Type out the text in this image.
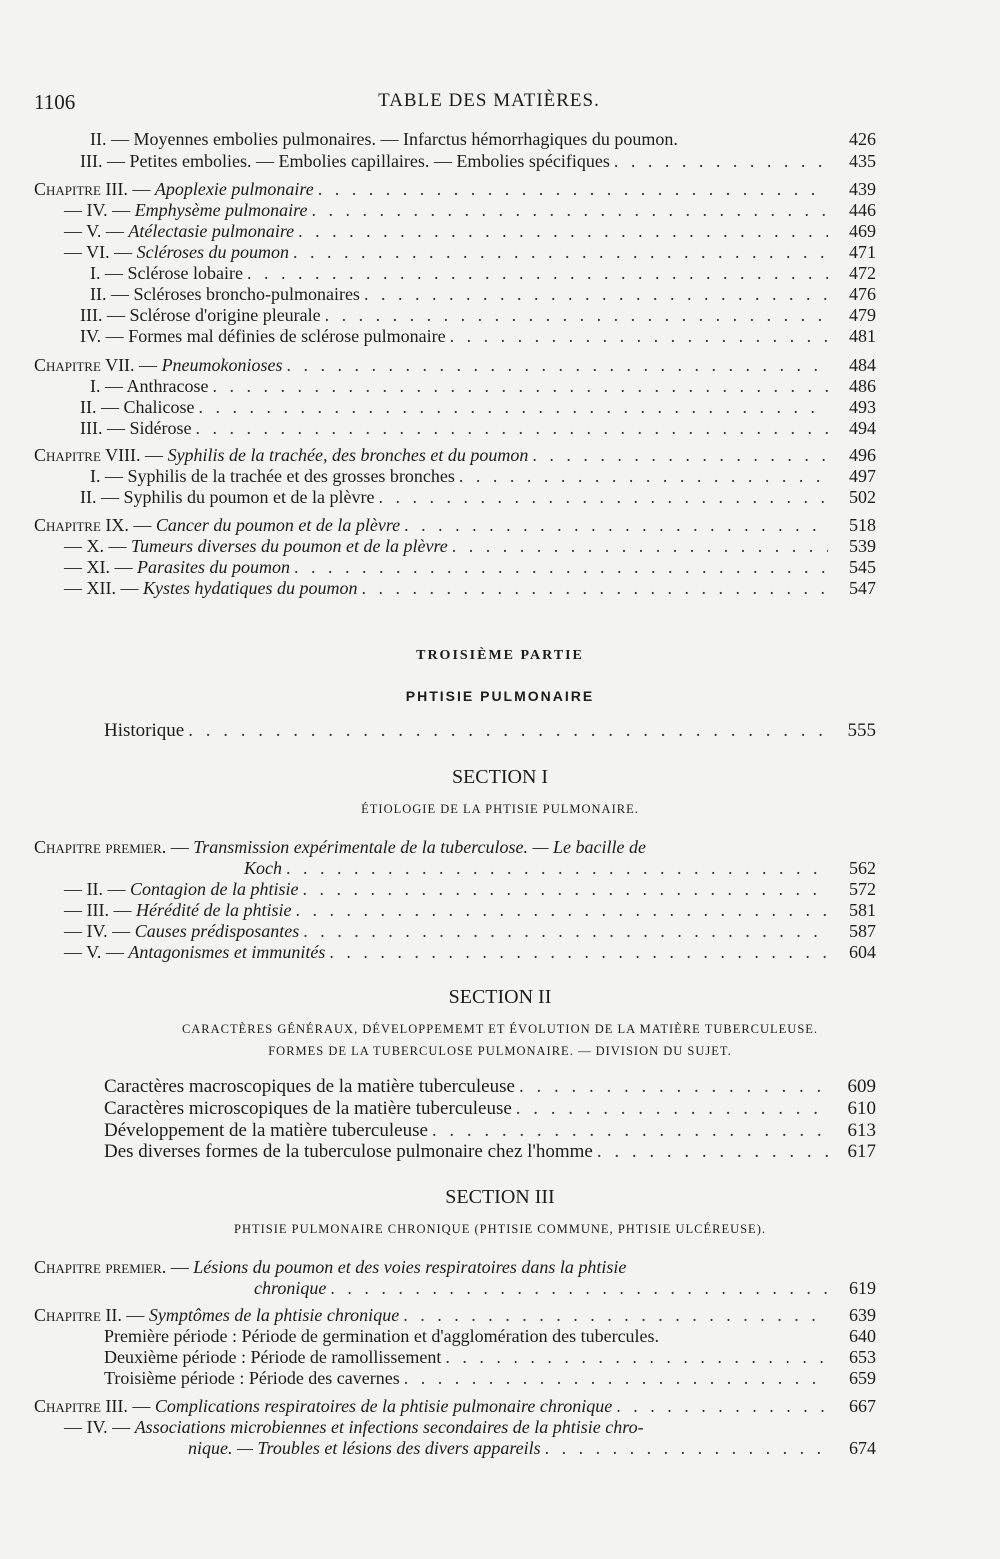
1106	TABLE DES MATIÈRES.
II. — Moyennes embolies pulmonaires. — Infarctus hémorrhagiques du poumon.	426
III. — Petites embolies. — Embolies capillaires. — Embolies spécifiques . . .	435
Chapitre III. — Apoplexie pulmonaire . . .	439
— IV. — Emphysème pulmonaire . . .	446
— V. — Atélectasie pulmonaire . . .	469
— VI. — Scléroses du poumon . . .	471
I. — Sclérose lobaire . . .	472
II. — Scléroses broncho-pulmonaires . . .	476
III. — Sclérose d'origine pleurale . . .	479
IV. — Formes mal définies de sclérose pulmonaire . . .	481
Chapitre VII. — Pneumokonioses . . .	484
I. — Anthracose . . .	486
II. — Chalicose . . .	493
III. — Sidérose . . .	494
Chapitre VIII. — Syphilis de la trachée, des bronches et du poumon . . .	496
I. — Syphilis de la trachée et des grosses bronches . . .	497
II. — Syphilis du poumon et de la plèvre . . .	502
Chapitre IX. — Cancer du poumon et de la plèvre . . .	518
— X. — Tumeurs diverses du poumon et de la plèvre . . .	539
— XI. — Parasites du poumon . . .	545
— XII. — Kystes hydatiques du poumon . . .	547
TROISIÈME PARTIE
PHTISIE PULMONAIRE
Historique . . .	555
SECTION I
ÉTIOLOGIE DE LA PHTISIE PULMONAIRE.
Chapitre premier. — Transmission expérimentale de la tuberculose. — Le bacille de
Koch . . .	562
— II. — Contagion de la phtisie . . .	572
— III. — Hérédité de la phtisie . . .	581
— IV. — Causes prédisposantes . . .	587
— V. — Antagonismes et immunités . . .	604
SECTION II
CARACTÈRES GÉNÉRAUX, DÉVELOPPEMEMT ET ÉVOLUTION DE LA MATIÈRE TUBERCULEUSE.
FORMES DE LA TUBERCULOSE PULMONAIRE. — DIVISION DU SUJET.
Caractères macroscopiques de la matière tuberculeuse . . .	609
Caractères microscopiques de la matière tuberculeuse . . .	610
Développement de la matière tuberculeuse . . .	613
Des diverses formes de la tuberculose pulmonaire chez l'homme . . .	617
SECTION III
PHTISIE PULMONAIRE CHRONIQUE (PHTISIE COMMUNE, PHTISIE ULCÉREUSE).
Chapitre premier. — Lésions du poumon et des voies respiratoires dans la phtisie
chronique . . .	619
Chapitre II. — Symptômes de la phtisie chronique . . .	639
Première période : Période de germination et d'agglomération des tubercules.	640
Deuxième période : Période de ramollissement . . .	653
Troisième période : Période des cavernes . . .	659
Chapitre III. — Complications respiratoires de la phtisie pulmonaire chronique . . .	667
— IV. — Associations microbiennes et infections secondaires de la phtisie chro-
nique. — Troubles et lésions des divers appareils . . .	674
